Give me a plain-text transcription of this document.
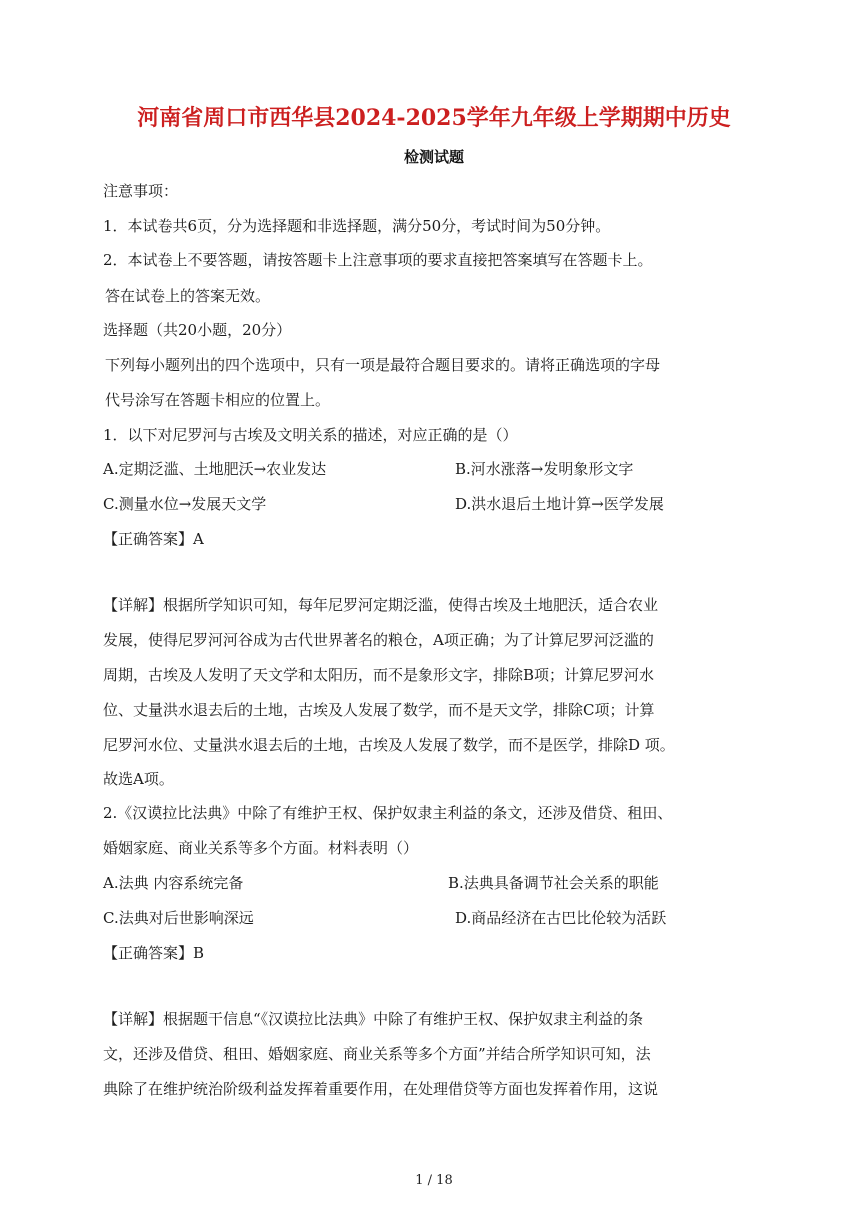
河南省周口市西华县2024-2025学年九年级上学期期中历史
检测试题
注意事项：
1．本试卷共6页，分为选择题和非选择题，满分50分，考试时间为50分钟。
2．本试卷上不要答题，请按答题卡上注意事项的要求直接把答案填写在答题卡上。
答在试卷上的答案无效。
选择题（共20小题，20分）
下列每小题列出的四个选项中，只有一项是最符合题目要求的。请将正确选项的字母
代号涂写在答题卡相应的位置上。
1．以下对尼罗河与古埃及文明关系的描述，对应正确的是（）
A.定期泛滥、土地肥沃→农业发达	B.河水涨落→发明象形文字
C.测量水位→发展天文学	D.洪水退后土地计算→医学发展
【正确答案】A
【详解】根据所学知识可知，每年尼罗河定期泛滥，使得古埃及土地肥沃，适合农业
发展，使得尼罗河河谷成为古代世界著名的粮仓，A项正确；为了计算尼罗河泛滥的
周期，古埃及人发明了天文学和太阳历，而不是象形文字，排除B项；计算尼罗河水
位、丈量洪水退去后的土地，古埃及人发展了数学，而不是天文学，排除C项；计算
尼罗河水位、丈量洪水退去后的土地，古埃及人发展了数学，而不是医学，排除D 项。
故选A项。
2.《汉谟拉比法典》中除了有维护王权、保护奴隶主利益的条文，还涉及借贷、租田、
婚姻家庭、商业关系等多个方面。材料表明（）
A.法典 内容系统完备	B.法典具备调节社会关系的职能
C.法典对后世影响深远	D.商品经济在古巴比伦较为活跃
【正确答案】B
【详解】根据题干信息“《汉谟拉比法典》中除了有维护王权、保护奴隶主利益的条
文，还涉及借贷、租田、婚姻家庭、商业关系等多个方面”并结合所学知识可知，法
典除了在维护统治阶级利益发挥着重要作用，在处理借贷等方面也发挥着作用，这说
1 / 18
